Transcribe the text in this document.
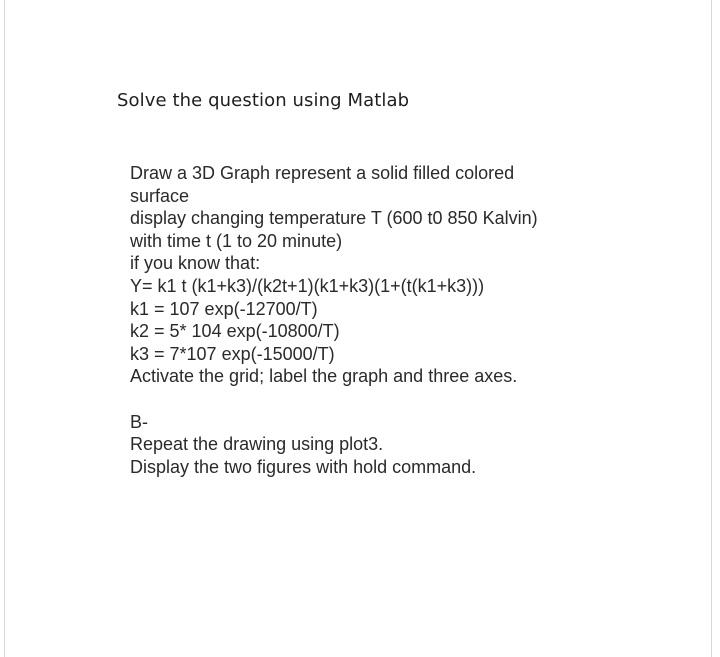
Solve the question using Matlab
Draw a 3D Graph represent a solid filled colored
surface
display changing temperature T (600 t0 850 Kalvin)
with time t (1 to 20 minute)
if you know that:
Y= k1 t (k1+k3)/(k2t+1)(k1+k3)(1+(t(k1+k3)))
k1 = 107 exp(-12700/T)
k2 = 5* 104 exp(-10800/T)
k3 = 7*107 exp(-15000/T)
Activate the grid; label the graph and three axes.
B-
Repeat the drawing using plot3.
Display the two figures with hold command.
